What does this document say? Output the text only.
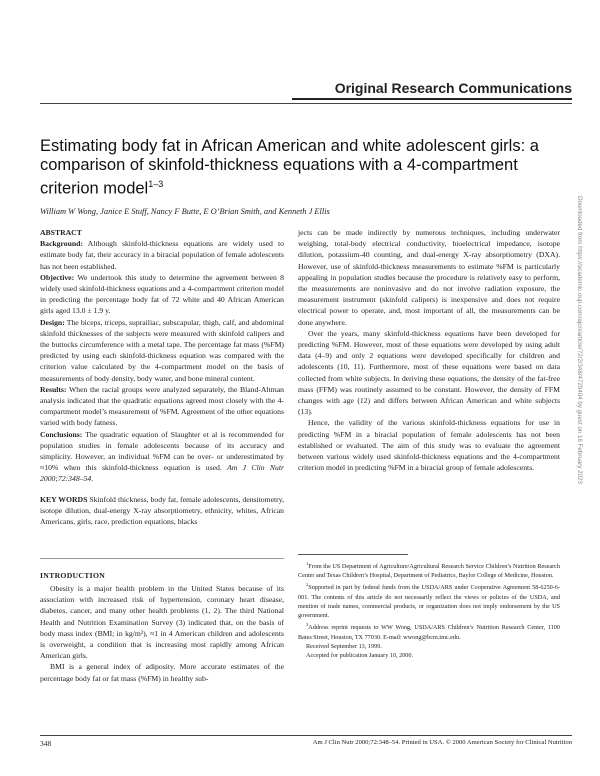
Original Research Communications
Estimating body fat in African American and white adolescent girls: a comparison of skinfold-thickness equations with a 4-compartment criterion model$^{1-3}$
William W Wong, Janice E Stuff, Nancy F Butte, E O’Brian Smith, and Kenneth J Ellis

ABSTRACT

Background: Although skinfold-thickness equations are widely used to estimate body fat, their accuracy in a biracial population of female adolescents has not been established.

Objective: We undertook this study to determine the agreement between 8 widely used skinfold-thickness equations and a 4-compartment criterion model in predicting the percentage body fat of 72 white and 40 African American girls aged 13.0 ± 1.9 y.

Design: The biceps, triceps, suprailiac, subscapular, thigh, calf, and abdominal skinfold thicknesses of the subjects were measured with skinfold calipers and the buttocks circumference with a metal tape. The percentage fat mass (%FM) predicted by using each skinfold-thickness equation was compared with the criterion value calculated by the 4-compartment model on the basis of measurements of body density, body water, and bone mineral content.

Results: When the racial groups were analyzed separately, the Bland-Altman analysis indicated that the quadratic equations agreed most closely with the 4-compartment model’s measurement of %FM. Agreement of the other equations varied with body fatness.

Conclusions: The quadratic equation of Slaughter et al is recommended for population studies in female adolescents because of its accuracy and simplicity. However, an individual %FM can be over- or underestimated by ≈10% when this skinfold-thickness equation is used. Am J Clin Nutr 2000;72:348–54.

KEY WORDS Skinfold thickness, body fat, female adolescents, densitometry, isotope dilution, dual-energy X-ray absorptiometry, ethnicity, whites, African Americans, girls, race, prediction equations, blacks

INTRODUCTION

Obesity is a major health problem in the United States because of its association with increased risk of hypertension, coronary heart disease, diabetes, cancer, and many other health problems (1, 2). The third National Health and Nutrition Examination Survey (3) indicated that, on the basis of body mass index (BMI; in kg/m²), ≈1 in 4 American children and adolescents is overweight, a condition that is increasing most rapidly among African American girls.

BMI is a general index of adiposity. More accurate estimates of the percentage body fat or fat mass (%FM) in healthy sub-

jects can be made indirectly by numerous techniques, including underwater weighing, total-body electrical conductivity, bioelectrical impedance, isotope dilution, potassium-40 counting, and dual-energy X-ray absorptiometry (DXA). However, use of skinfold-thickness measurements to estimate %FM is particularly appealing in population studies because the procedure is relatively easy to perform, the measurements are noninvasive and do not involve radiation exposure, the measurement instrument (skinfold calipers) is inexpensive and does not require electrical power to operate, and, most important of all, the measurements can be done anywhere.

Over the years, many skinfold-thickness equations have been developed for predicting %FM. However, most of these equations were developed by using adult data (4–9) and only 2 equations were developed specifically for children and adolescents (10, 11). Furthermore, most of these equations were based on data collected from white subjects. In deriving these equations, the density of the fat-free mass (FFM) was routinely assumed to be constant. However, the density of FFM changes with age (12) and differs between African American and white subjects (13).

Hence, the validity of the various skinfold-thickness equations for use in predicting %FM in a biracial population of female adolescents has not been established or evaluated. The aim of this study was to evaluate the agreement between various widely used skinfold-thickness equations and the 4-compartment criterion model in predicting %FM in a biracial group of female adolescents.

$^1$From the US Department of Agriculture/Agricultural Research Service Children’s Nutrition Research Center and Texas Children’s Hospital, Department of Pediatrics, Baylor College of Medicine, Houston.

$^2$Supported in part by federal funds from the USDA/ARS under Cooperative Agreement 58-6250-6-001. The contents of this article do not necessarily reflect the views or policies of the USDA, and mention of trade names, commercial products, or organization does not imply endorsement by the US government.

$^3$Address reprint requests to WW Wong, USDA/ARS Children’s Nutrition Research Center, 1100 Bates Street, Houston, TX 77030. E-mail: wwong@bcm.tmc.edu.

Received September 13, 1999.

Accepted for publication January 10, 2000.

348	Am J Clin Nutr 2000;72:348–54. Printed in USA. © 2000 American Society for Clinical Nutrition
Downloaded from https://academic.oup.com/ajcn/article/72/2/348/4729404 by guest on 16 February 2023
